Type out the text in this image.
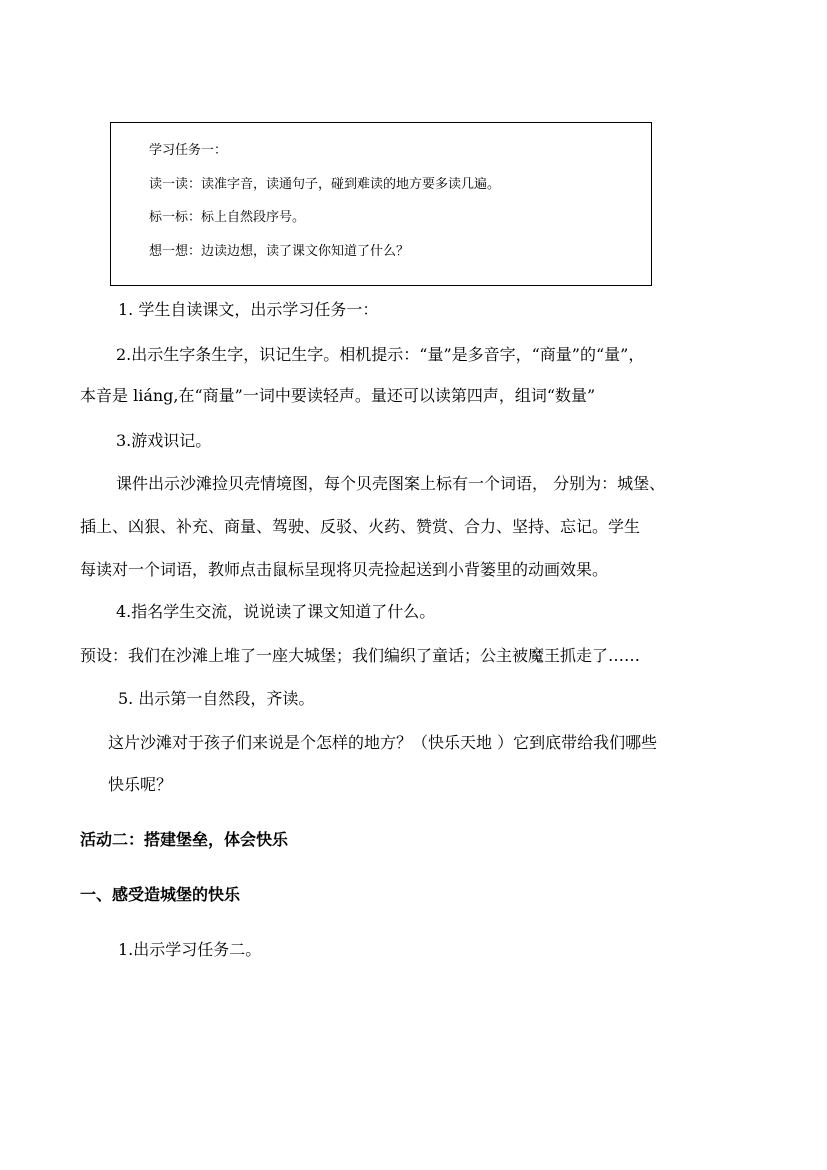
学习任务一：
读一读：读准字音，读通句子，碰到难读的地方要多读几遍。
标一标：标上自然段序号。
想一想：边读边想，读了课文你知道了什么？
1. 学生自读课文，出示学习任务一：
2.出示生字条生字，识记生字。相机提示：“量”是多音字，“商量”的“量”，
本音是 liáng,在“商量”一词中要读轻声。量还可以读第四声，组词“数量”
3.游戏识记。
课件出示沙滩捡贝壳情境图，每个贝壳图案上标有一个词语， 分别为：城堡、
插上、凶狠、补充、商量、驾驶、反驳、火药、赞赏、合力、坚持、忘记。学生
每读对一个词语，教师点击鼠标呈现将贝壳捡起送到小背篓里的动画效果。
4.指名学生交流，说说读了课文知道了什么。
预设：我们在沙滩上堆了一座大城堡；我们编织了童话；公主被魔王抓走了……
5. 出示第一自然段，齐读。
这片沙滩对于孩子们来说是个怎样的地方？（快乐天地 ）它到底带给我们哪些
快乐呢？
活动二：搭建堡垒，体会快乐
一、感受造城堡的快乐
1.出示学习任务二。
